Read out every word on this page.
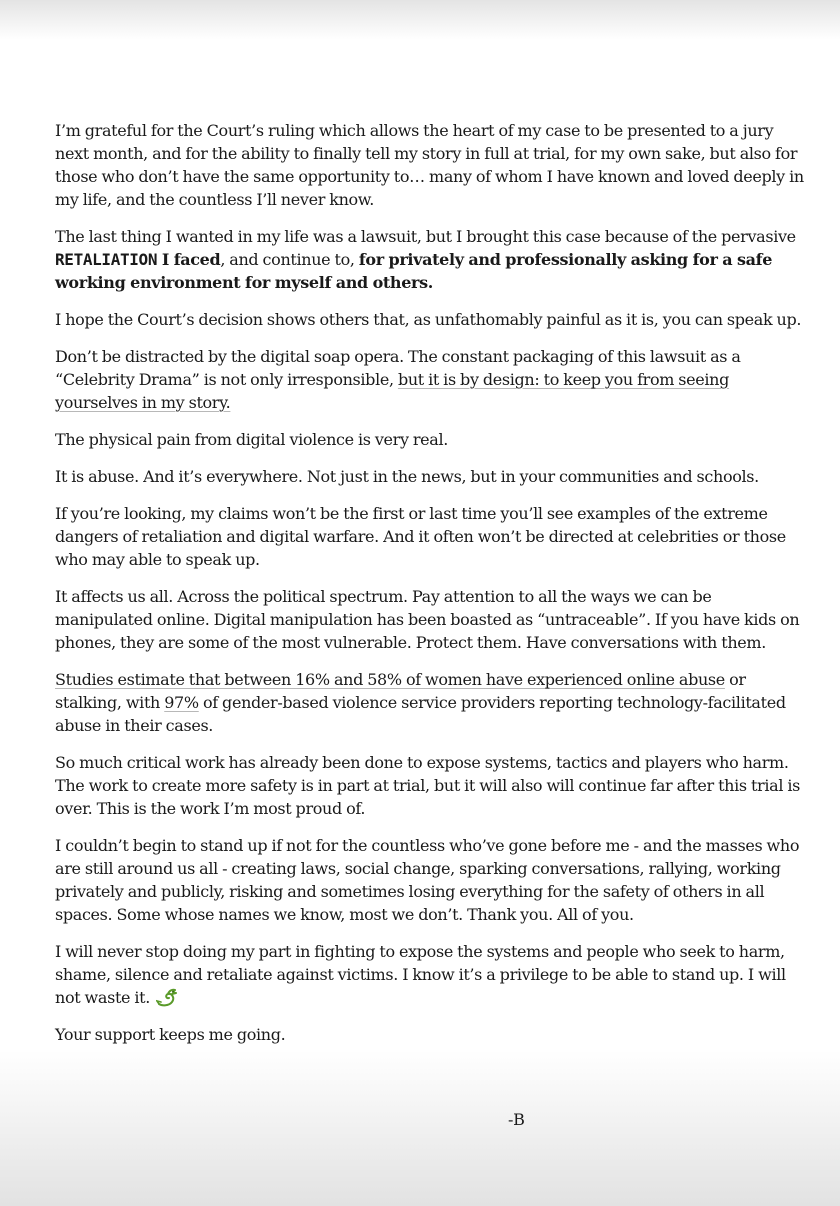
I’m grateful for the Court’s ruling which allows the heart of my case to be presented to a jury next month, and for the ability to finally tell my story in full at trial, for my own sake, but also for those who don’t have the same opportunity to… many of whom I have known and loved deeply in my life, and the countless I’ll never know.

The last thing I wanted in my life was a lawsuit, but I brought this case because of the pervasive RETALIATION I faced, and continue to, for privately and professionally asking for a safe working environment for myself and others.

I hope the Court’s decision shows others that, as unfathomably painful as it is, you can speak up.

Don’t be distracted by the digital soap opera. The constant packaging of this lawsuit as a “Celebrity Drama” is not only irresponsible, but it is by design: to keep you from seeing yourselves in my story.

The physical pain from digital violence is very real.

It is abuse. And it’s everywhere. Not just in the news, but in your communities and schools.

If you’re looking, my claims won’t be the first or last time you’ll see examples of the extreme dangers of retaliation and digital warfare. And it often won’t be directed at celebrities or those who may able to speak up.

It affects us all. Across the political spectrum. Pay attention to all the ways we can be manipulated online. Digital manipulation has been boasted as “untraceable”. If you have kids on phones, they are some of the most vulnerable. Protect them. Have conversations with them.

Studies estimate that between 16% and 58% of women have experienced online abuse or stalking, with 97% of gender-based violence service providers reporting technology-facilitated abuse in their cases.

So much critical work has already been done to expose systems, tactics and players who harm. The work to create more safety is in part at trial, but it will also will continue far after this trial is over. This is the work I’m most proud of.

I couldn’t begin to stand up if not for the countless who’ve gone before me - and the masses who are still around us all - creating laws, social change, sparking conversations, rallying, working privately and publicly, risking and sometimes losing everything for the safety of others in all spaces. Some whose names we know, most we don’t. Thank you. All of you.

I will never stop doing my part in fighting to expose the systems and people who seek to harm, shame, silence and retaliate against victims. I know it’s a privilege to be able to stand up. I will not waste it.

Your support keeps me going.

-B
